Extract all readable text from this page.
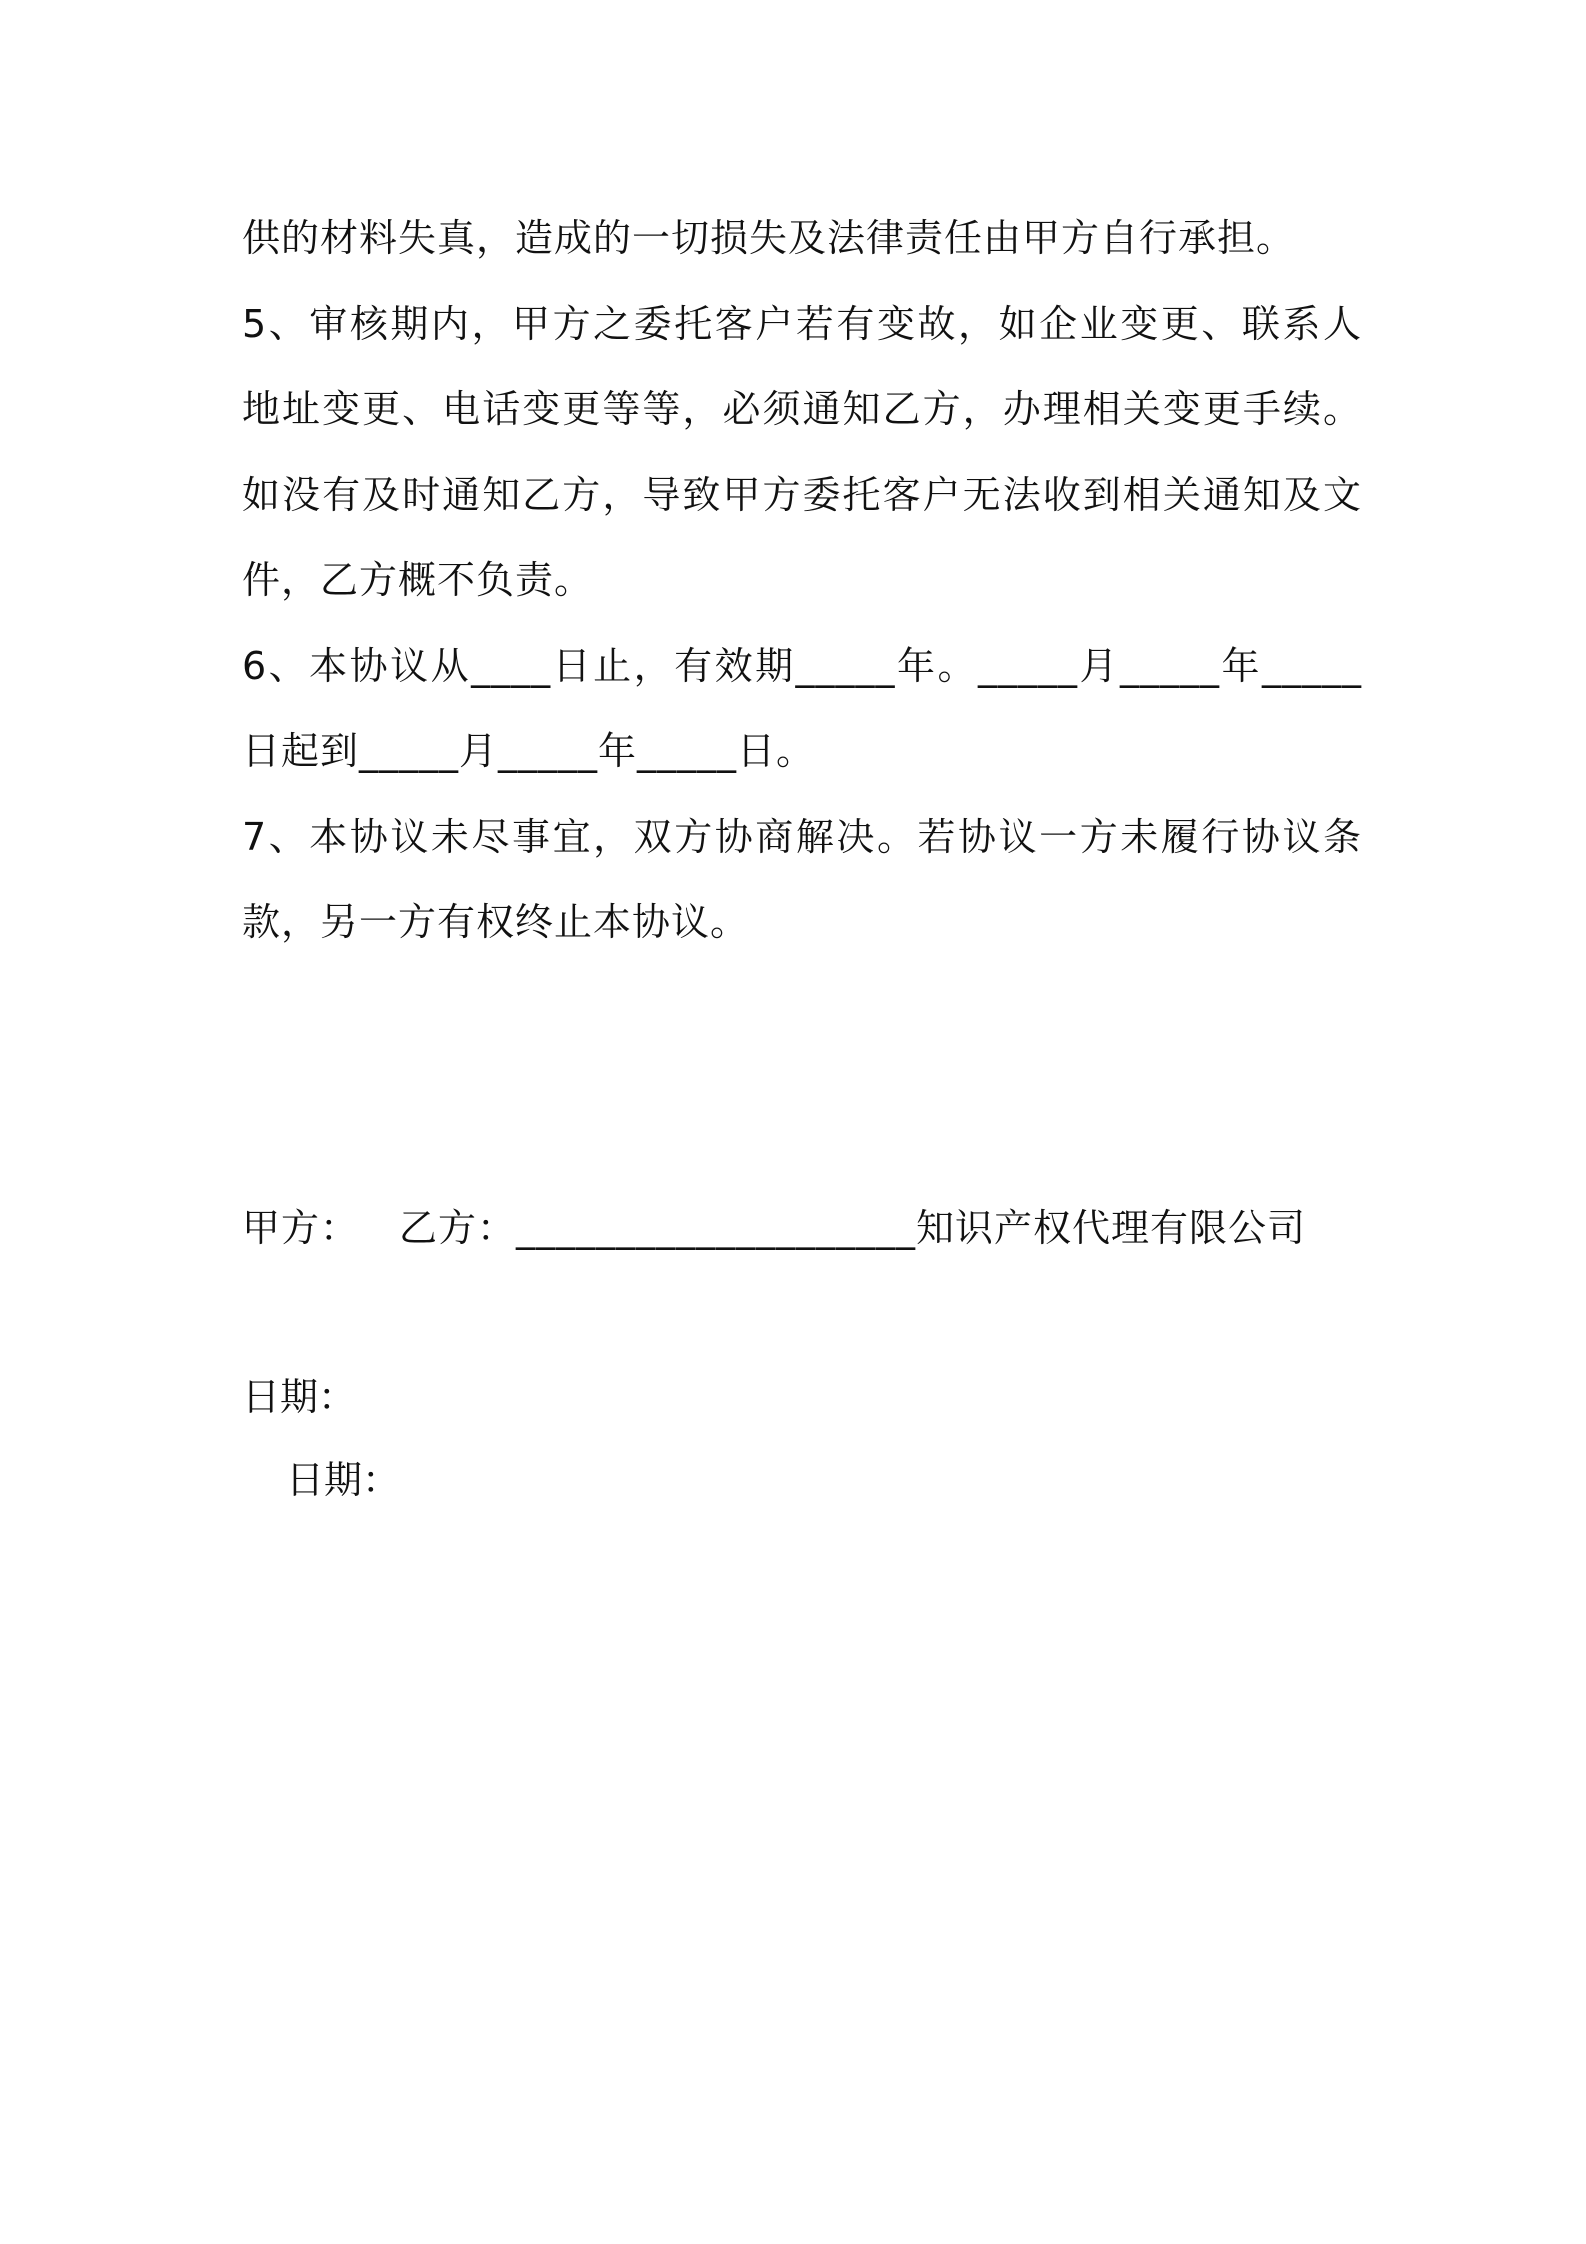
供的材料失真，造成的一切损失及法律责任由甲方自行承担。
5、审核期内，甲方之委托客户若有变故，如企业变更、联系人
地址变更、电话变更等等，必须通知乙方，办理相关变更手续。
如没有及时通知乙方，导致甲方委托客户无法收到相关通知及文
件，乙方概不负责。
6、本协议从____日止，有效期_____年。_____月_____年_____
日起到_____月_____年_____日。
7、本协议未尽事宜，双方协商解决。若协议一方未履行协议条
款，另一方有权终止本协议。
甲方： 乙方：____________________知识产权代理有限公司
日期：
日期：
